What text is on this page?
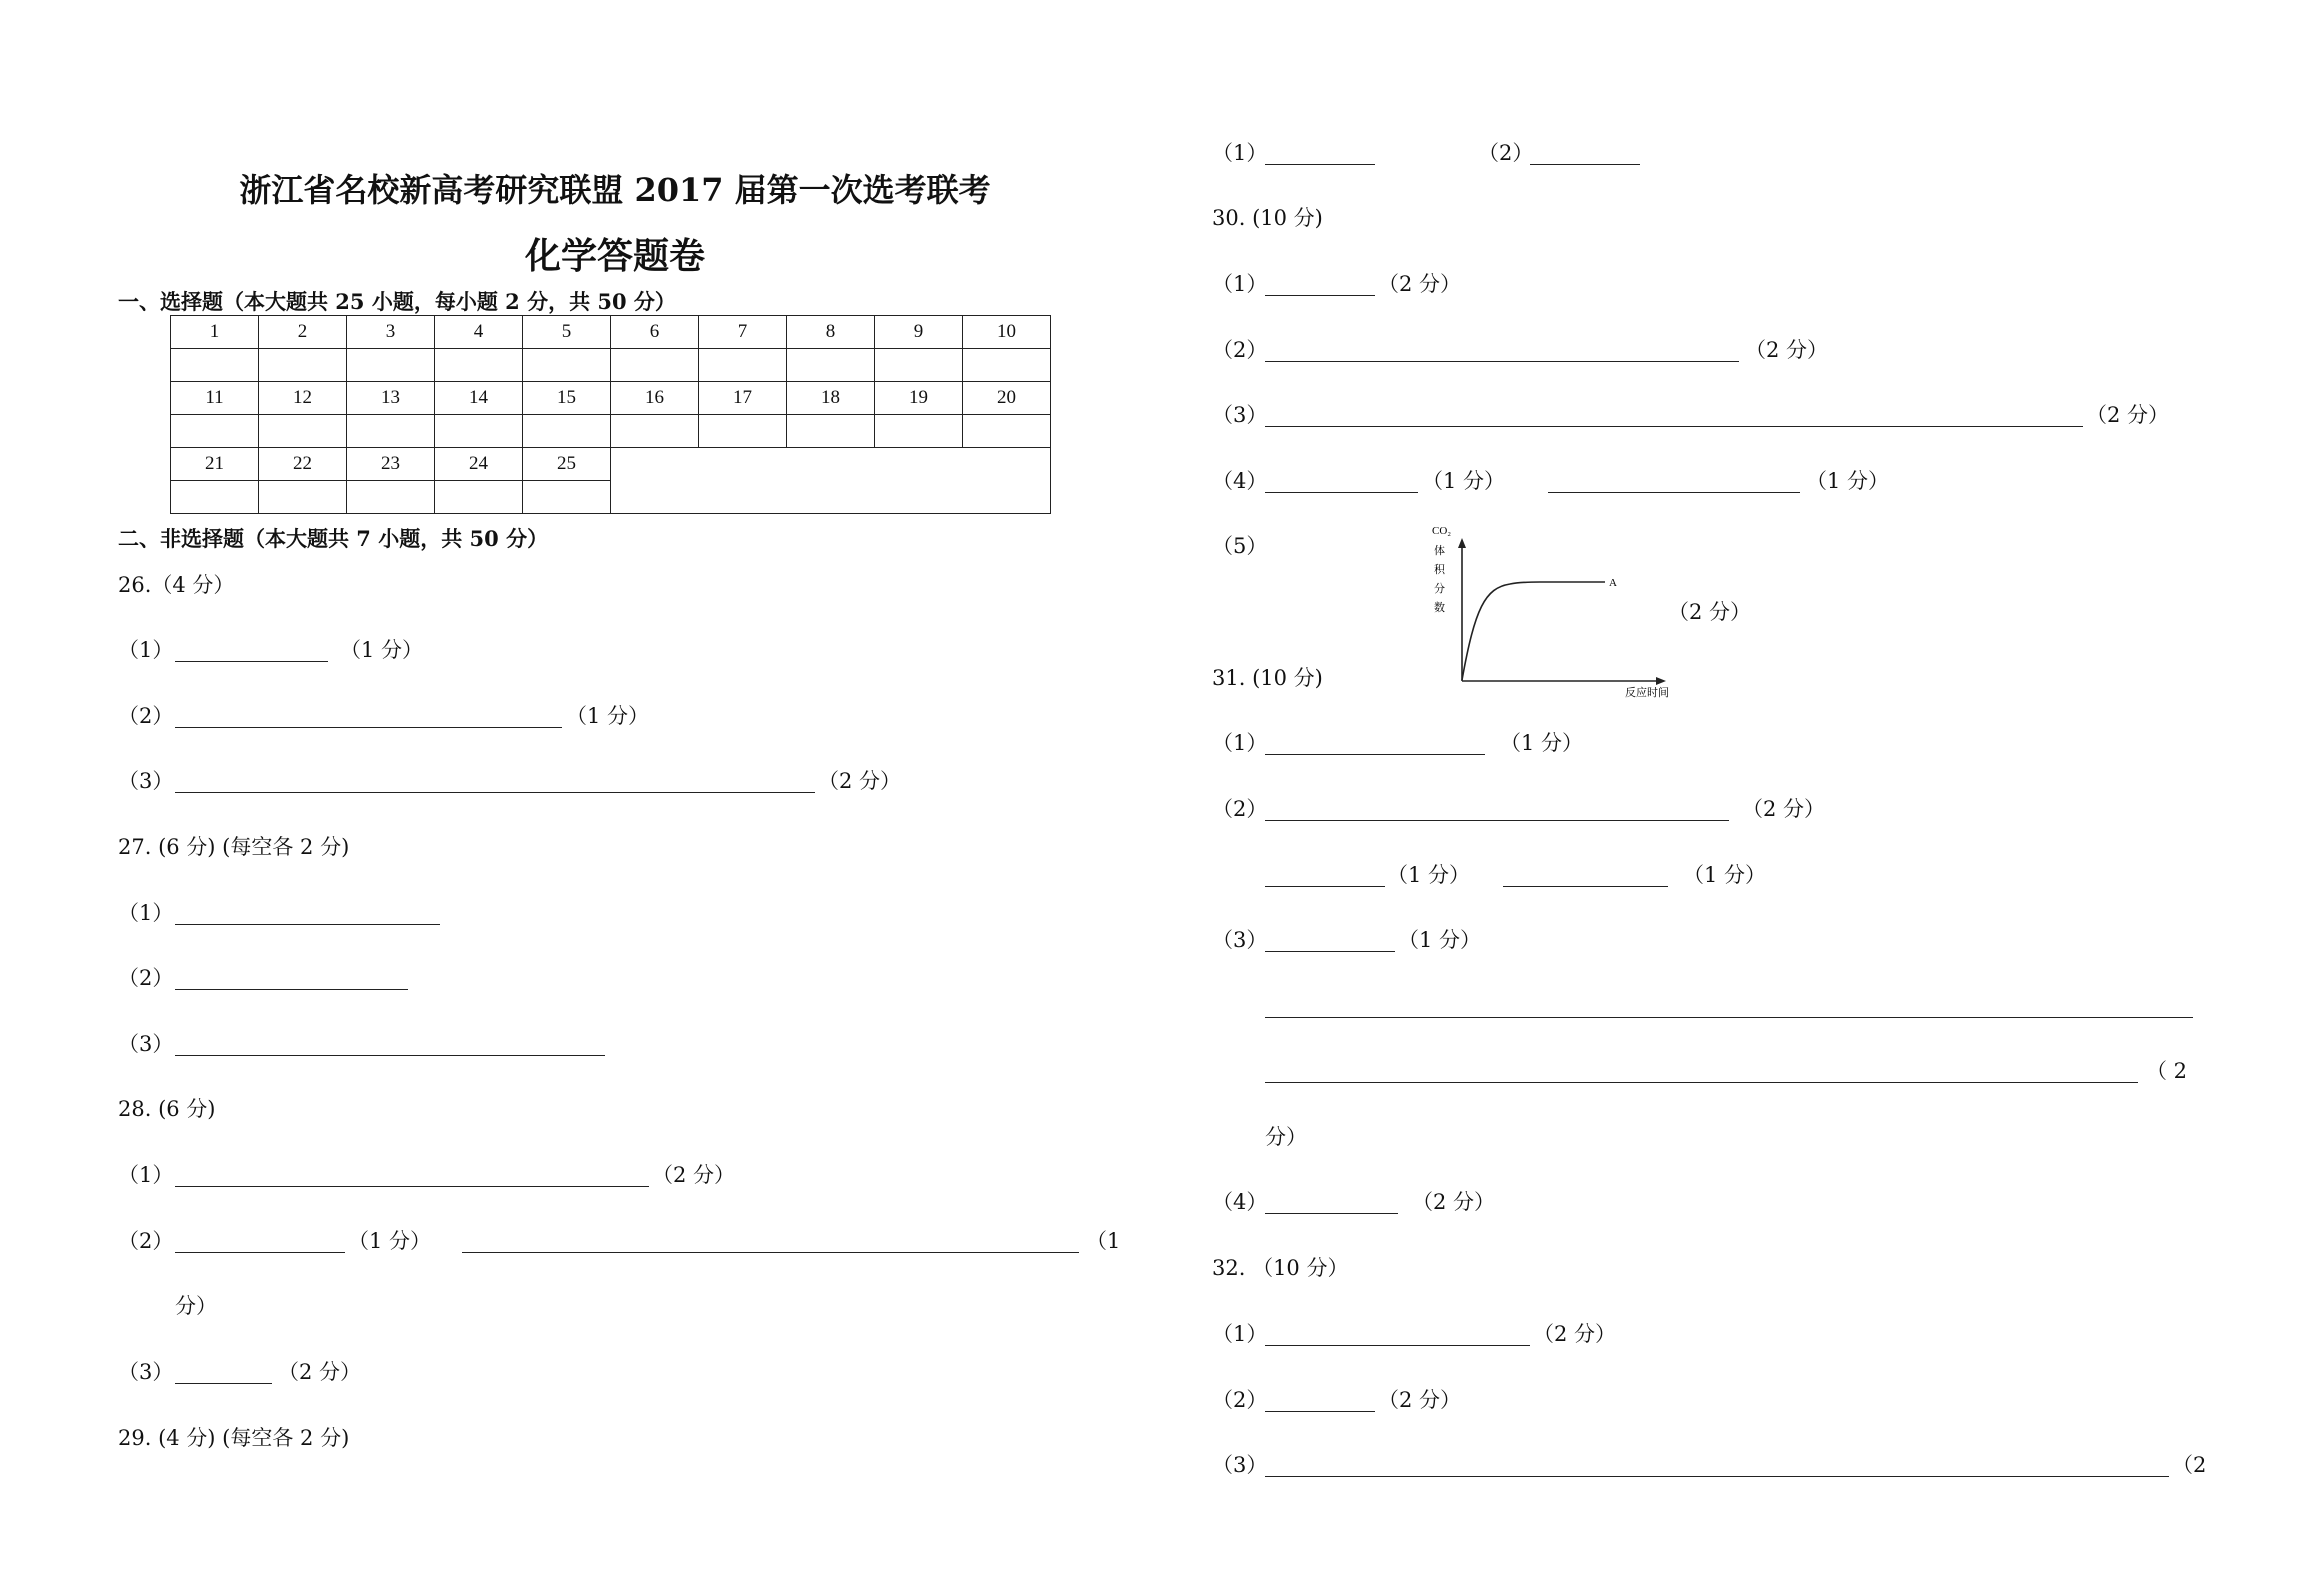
浙江省名校新高考研究联盟 2017 届第一次选考联考
化学答题卷
一、选择题（本大题共 25 小题，每小题 2 分，共 50 分）
1	2	3	4	5	6	7	8	9	10

11	12	13	14	15	16	17	18	19	20

21	22	23	24	25					

二、非选择题（本大题共 7 小题，共 50 分）
26.（4 分）
（1）	（1 分）
（2）	（1 分）
（3）	（2 分）
27. (6 分) (每空各 2 分)
（1）
（2）
（3）
28. (6 分)
（1）	（2 分）
（2）	（1 分）	（1
分）
（3）	（2 分）
29. (4 分) (每空各 2 分)
（1）	（2）
30. (10 分)
（1）	（2 分）
（2）	（2 分）
（3）	（2 分）
（4）	（1 分）	（1 分）
（5）
（2 分）
CO₂
体
积
分
数
A
反应时间
31. (10 分)
（1）	（1 分）
（2）	（2 分）
（1 分）	（1 分）
（3）	（1 分）
（ 2
分）
（4）	（2 分）
32. （10 分）
（1）	（2 分）
（2）	（2 分）
（3）	（2
